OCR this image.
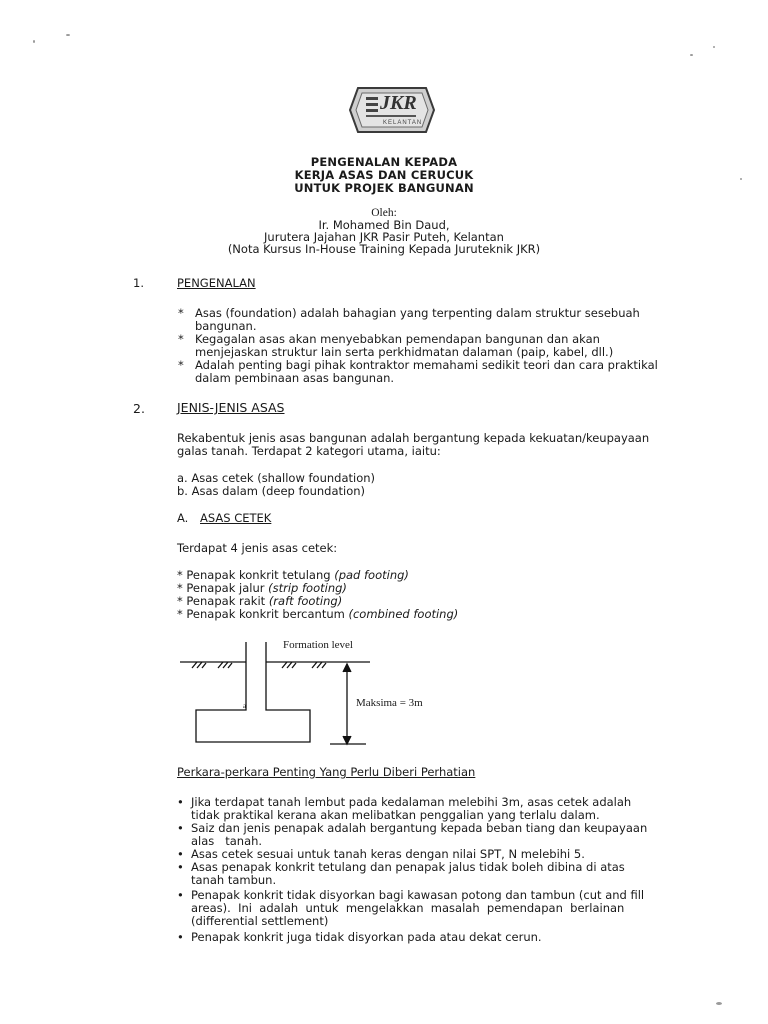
JKR
KELANTAN
PENGENALAN KEPADA
KERJA ASAS DAN CERUCUK
UNTUK PROJEK BANGUNAN
Oleh:
Ir. Mohamed Bin Daud,
Jurutera Jajahan JKR Pasir Puteh, Kelantan
(Nota Kursus In-House Training Kepada Juruteknik JKR)
1.	PENGENALAN
* Asas (foundation) adalah bahagian yang terpenting dalam struktur sesebuah
bangunan.
* Kegagalan asas akan menyebabkan pemendapan bangunan dan akan
menjejaskan struktur lain serta perkhidmatan dalaman (paip, kabel, dll.)
* Adalah penting bagi pihak kontraktor memahami sedikit teori dan cara praktikal
dalam pembinaan asas bangunan.
2.	JENIS-JENIS ASAS
Rekabentuk jenis asas bangunan adalah bergantung kepada kekuatan/keupayaan
galas tanah. Terdapat 2 kategori utama, iaitu:
a. Asas cetek (shallow foundation)
b. Asas dalam (deep foundation)
A. ASAS CETEK
Terdapat 4 jenis asas cetek:
* Penapak konkrit tetulang (pad footing)
* Penapak jalur (strip footing)
* Penapak rakit (raft footing)
* Penapak konkrit bercantum (combined footing)
Formation level
Maksima = 3m
a
Perkara-perkara Penting Yang Perlu Diberi Perhatian
• Jika terdapat tanah lembut pada kedalaman melebihi 3m, asas cetek adalah
tidak praktikal kerana akan melibatkan penggalian yang terlalu dalam.
• Saiz dan jenis penapak adalah bergantung kepada beban tiang dan keupayaan
alas   tanah.
• Asas cetek sesuai untuk tanah keras dengan nilai SPT, N melebihi 5.
• Asas penapak konkrit tetulang dan penapak jalus tidak boleh dibina di atas
tanah tambun.
• Penapak konkrit tidak disyorkan bagi kawasan potong dan tambun (cut and fill
areas).  Ini  adalah  untuk  mengelakkan  masalah  pemendapan  berlainan
(differential settlement)
• Penapak konkrit juga tidak disyorkan pada atau dekat cerun.
